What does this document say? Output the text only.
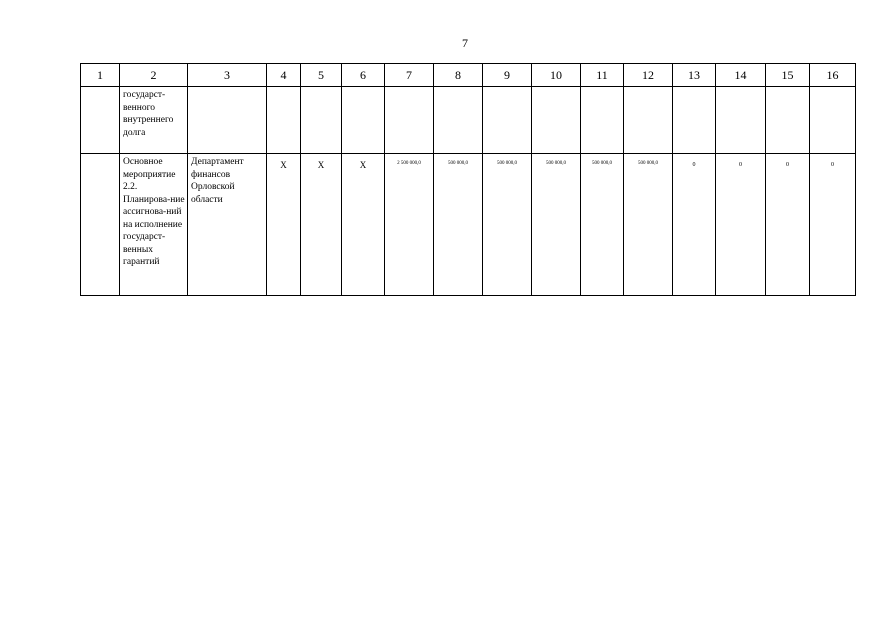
7
1	2	3	4	5	6	7	8	9	10	11	12	13	14	15	16
	государст-венного внутреннего долга														
	Основное мероприятие 2.2. Планирова-ние ассигнова-ний на исполнение государст-венных гарантий	Департамент финансов Орловской области	Х	Х	Х	2 500 000,0	500 000,0	500 000,0	500 000,0	500 000,0	500 000,0	0	0	0	0
